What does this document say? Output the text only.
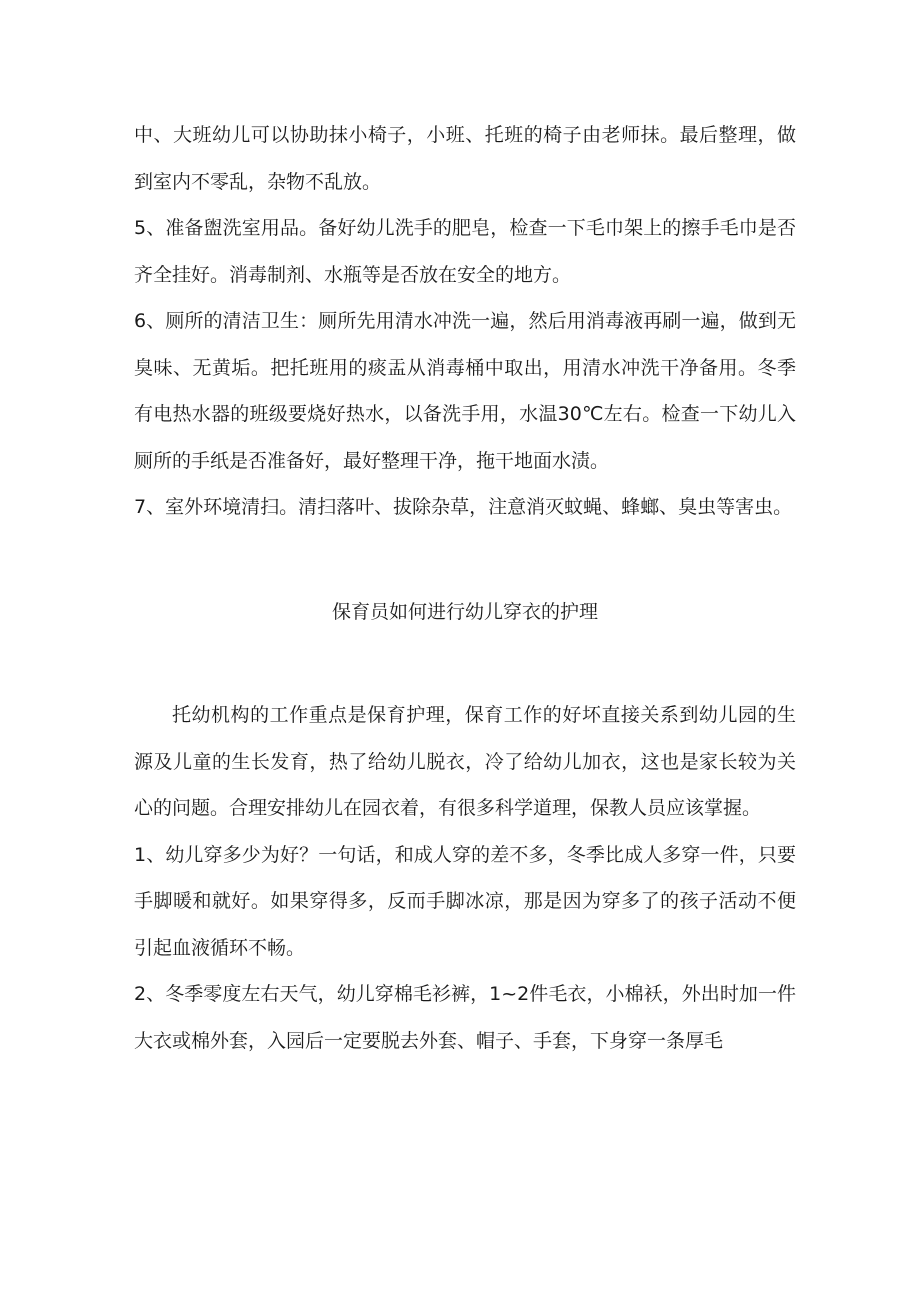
中、大班幼儿可以协助抹小椅子，小班、托班的椅子由老师抹。最后整理，做到室内不零乱，杂物不乱放。

5、准备盥洗室用品。备好幼儿洗手的肥皂，检查一下毛巾架上的擦手毛巾是否齐全挂好。消毒制剂、水瓶等是否放在安全的地方。

6、厕所的清洁卫生：厕所先用清水冲洗一遍，然后用消毒液再刷一遍，做到无臭味、无黄垢。把托班用的痰盂从消毒桶中取出，用清水冲洗干净备用。冬季有电热水器的班级要烧好热水，以备洗手用，水温30℃左右。检查一下幼儿入厕所的手纸是否准备好，最好整理干净，拖干地面水渍。

7、室外环境清扫。清扫落叶、拔除杂草，注意消灭蚊蝇、蜂螂、臭虫等害虫。

保育员如何进行幼儿穿衣的护理

托幼机构的工作重点是保育护理，保育工作的好坏直接关系到幼儿园的生源及儿童的生长发育，热了给幼儿脱衣，冷了给幼儿加衣，这也是家长较为关心的问题。合理安排幼儿在园衣着，有很多科学道理，保教人员应该掌握。

1、幼儿穿多少为好？一句话，和成人穿的差不多，冬季比成人多穿一件，只要手脚暖和就好。如果穿得多，反而手脚冰凉，那是因为穿多了的孩子活动不便引起血液循环不畅。

2、冬季零度左右天气，幼儿穿棉毛衫裤，1~2件毛衣，小棉袄，外出时加一件大衣或棉外套，入园后一定要脱去外套、帽子、手套，下身穿一条厚毛
